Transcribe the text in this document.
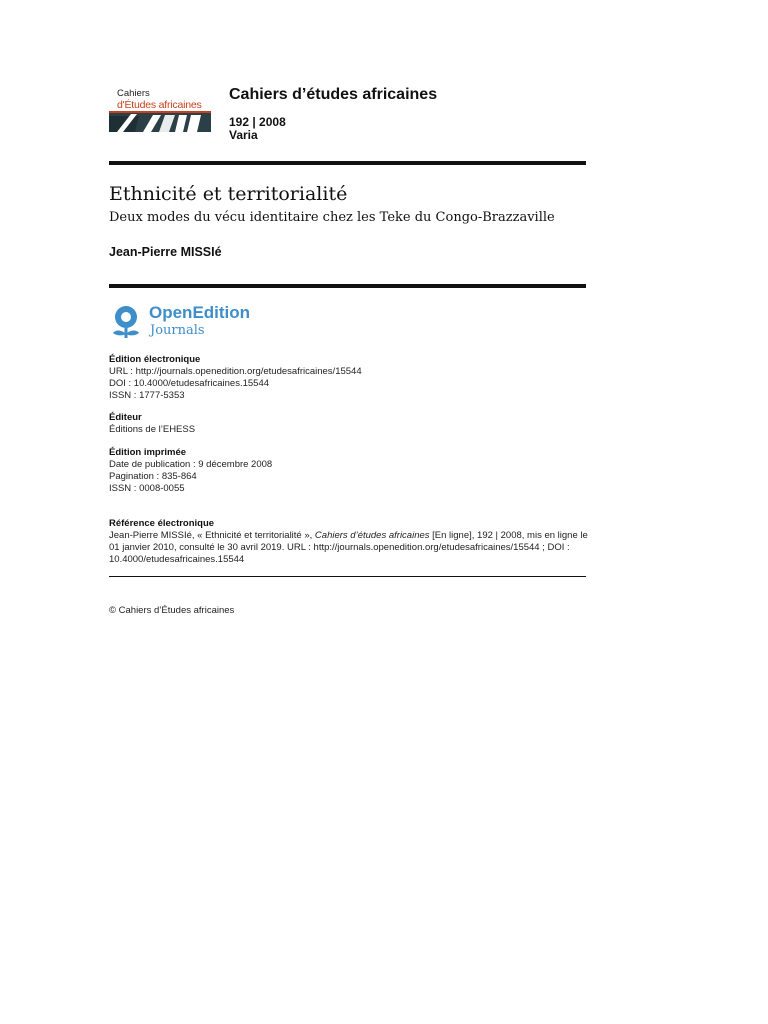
Cahiers
d'Études africaines
Cahiers d’études africaines
192 | 2008
Varia
Ethnicité et territorialité
Deux modes du vécu identitaire chez les Teke du Congo-Brazzaville
Jean-Pierre MISSIé
OpenEdition
Journals
Édition électronique
URL : http://journals.openedition.org/etudesafricaines/15544
DOI : 10.4000/etudesafricaines.15544
ISSN : 1777-5353
Éditeur
Éditions de l’EHESS
Édition imprimée
Date de publication : 9 décembre 2008
Pagination : 835-864
ISSN : 0008-0055
Référence électronique
Jean-Pierre MISSIé, « Ethnicité et territorialité », Cahiers d’études africaines [En ligne], 192 | 2008, mis en ligne le 01 janvier 2010, consulté le 30 avril 2019. URL : http://journals.openedition.org/etudesafricaines/15544 ; DOI : 10.4000/etudesafricaines.15544
© Cahiers d’Études africaines
